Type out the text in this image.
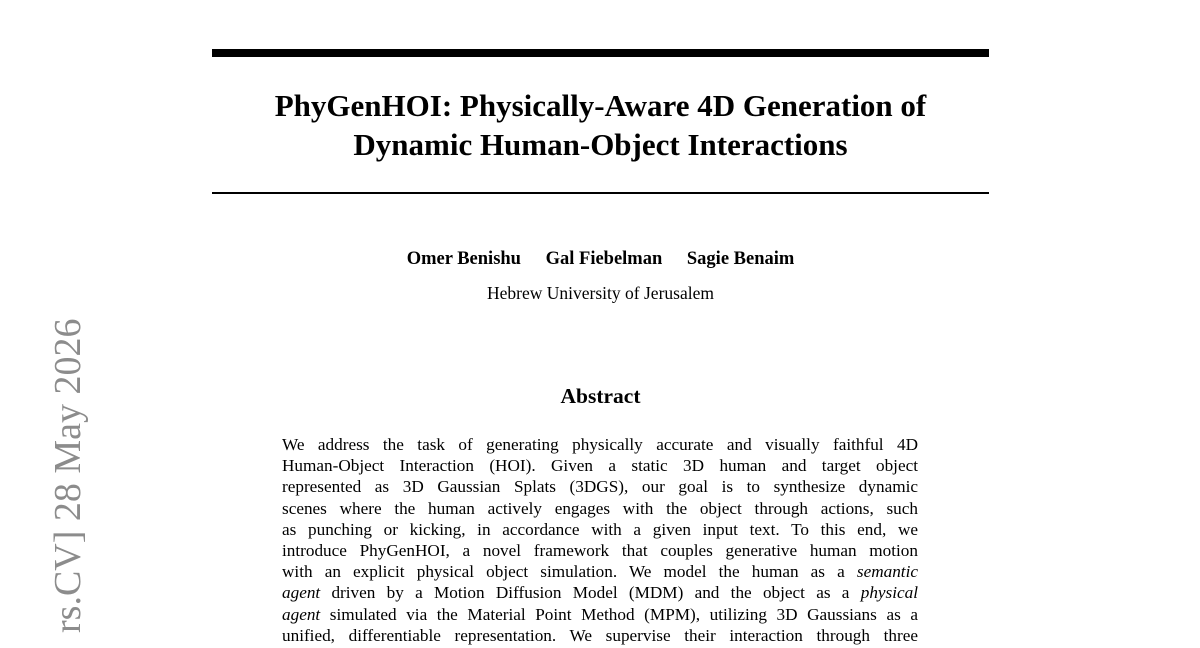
PhyGenHOI: Physically-Aware 4D Generation of
Dynamic Human-Object Interactions
Omer Benishu Gal Fiebelman Sagie Benaim
Hebrew University of Jerusalem
Abstract
We address the task of generating physically accurate and visually faithful 4D
Human-Object Interaction (HOI). Given a static 3D human and target object
represented as 3D Gaussian Splats (3DGS), our goal is to synthesize dynamic
scenes where the human actively engages with the object through actions, such
as punching or kicking, in accordance with a given input text. To this end, we
introduce PhyGenHOI, a novel framework that couples generative human motion
with an explicit physical object simulation. We model the human as a semantic
agent driven by a Motion Diffusion Model (MDM) and the object as a physical
agent simulated via the Material Point Method (MPM), utilizing 3D Gaussians as a
unified, differentiable representation. We supervise their interaction through three
rs.CV] 28 May 2026
